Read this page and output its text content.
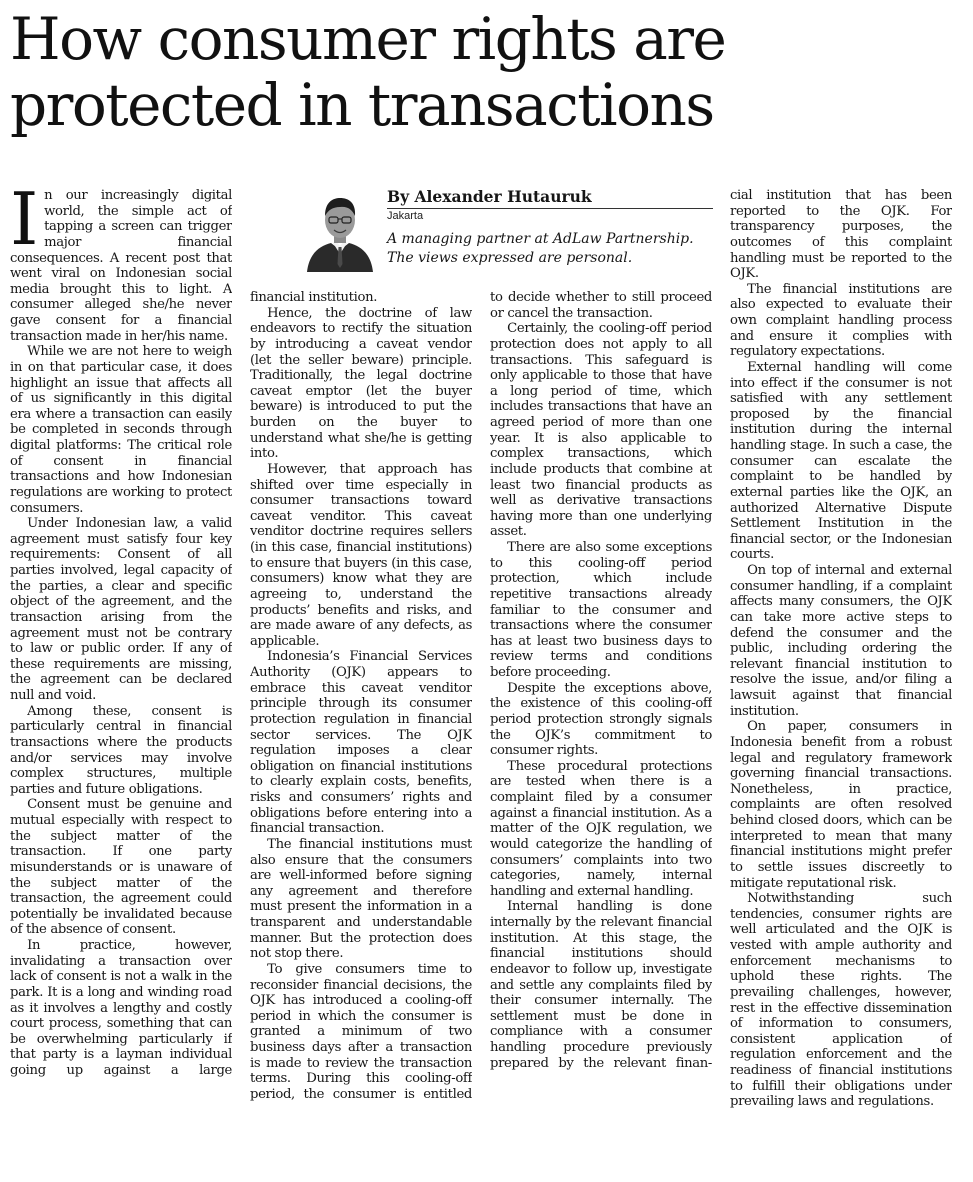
How consumer rights are protected in transactions

By Alexander Hutauruk

Jakarta

A managing partner at AdLaw Partnership. The views expressed are personal.

In our increasingly digital world, the simple act of tapping a screen can trigger major financial consequences. A recent post that went viral on Indonesian social media brought this to light. A consumer alleged she/he never gave consent for a financial transaction made in her/his name.

While we are not here to weigh in on that particular case, it does highlight an issue that affects all of us significantly in this digital era where a transaction can easily be completed in seconds through digital platforms: The critical role of consent in financial transactions and how Indonesian regulations are working to protect consumers.

Under Indonesian law, a valid agreement must satisfy four key requirements: Consent of all parties involved, legal capacity of the parties, a clear and specific object of the agreement, and the transaction arising from the agreement must not be contrary to law or public order. If any of these requirements are missing, the agreement can be declared null and void.

Among these, consent is particularly central in financial transactions where the products and/or services may involve complex structures, multiple parties and future obligations.

Consent must be genuine and mutual especially with respect to the subject matter of the transaction. If one party misunderstands or is unaware of the subject matter of the transaction, the agreement could potentially be invalidated because of the absence of consent.

In practice, however, invalidating a transaction over lack of consent is not a walk in the park. It is a long and winding road as it involves a lengthy and costly court process, something that can be overwhelming particularly if that party is a layman individual going up against a large

financial institution.

Hence, the doctrine of law endeavors to rectify the situation by introducing a caveat vendor (let the seller beware) principle. Traditionally, the legal doctrine caveat emptor (let the buyer beware) is introduced to put the burden on the buyer to understand what she/he is getting into.

However, that approach has shifted over time especially in consumer transactions toward caveat venditor. This caveat venditor doctrine requires sellers (in this case, financial institutions) to ensure that buyers (in this case, consumers) know what they are agreeing to, understand the products’ benefits and risks, and are made aware of any defects, as applicable.

Indonesia’s Financial Services Authority (OJK) appears to embrace this caveat venditor principle through its consumer protection regulation in financial sector services. The OJK regulation imposes a clear obligation on financial institutions to clearly explain costs, benefits, risks and consumers’ rights and obligations before entering into a financial transaction.

The financial institutions must also ensure that the consumers are well-informed before signing any agreement and therefore must present the information in a transparent and understandable manner. But the protection does not stop there.

To give consumers time to reconsider financial decisions, the OJK has introduced a cooling-off period in which the consumer is granted a minimum of two business days after a transaction is made to review the transaction terms. During this cooling-off period, the consumer is entitled

to decide whether to still proceed or cancel the transaction.

Certainly, the cooling-off period protection does not apply to all transactions. This safeguard is only applicable to those that have a long period of time, which includes transactions that have an agreed period of more than one year. It is also applicable to complex transactions, which include products that combine at least two financial products as well as derivative transactions having more than one underlying asset.

There are also some exceptions to this cooling-off period protection, which include repetitive transactions already familiar to the consumer and transactions where the consumer has at least two business days to review terms and conditions before proceeding.

Despite the exceptions above, the existence of this cooling-off period protection strongly signals the OJK’s commitment to consumer rights.

These procedural protections are tested when there is a complaint filed by a consumer against a financial institution. As a matter of the OJK regulation, we would categorize the handling of consumers’ complaints into two categories, namely, internal handling and external handling.

Internal handling is done internally by the relevant financial institution. At this stage, the financial institutions should endeavor to follow up, investigate and settle any complaints filed by their consumer internally. The settlement must be done in compliance with a consumer handling procedure previously prepared by the relevant finan-

cial institution that has been reported to the OJK. For transparency purposes, the outcomes of this complaint handling must be reported to the OJK.

The financial institutions are also expected to evaluate their own complaint handling process and ensure it complies with regulatory expectations.

External handling will come into effect if the consumer is not satisfied with any settlement proposed by the financial institution during the internal handling stage. In such a case, the consumer can escalate the complaint to be handled by external parties like the OJK, an authorized Alternative Dispute Settlement Institution in the financial sector, or the Indonesian courts.

On top of internal and external consumer handling, if a complaint affects many consumers, the OJK can take more active steps to defend the consumer and the public, including ordering the relevant financial institution to resolve the issue, and/or filing a lawsuit against that financial institution.

On paper, consumers in Indonesia benefit from a robust legal and regulatory framework governing financial transactions. Nonetheless, in practice, complaints are often resolved behind closed doors, which can be interpreted to mean that many financial institutions might prefer to settle issues discreetly to mitigate reputational risk.

Notwithstanding such tendencies, consumer rights are well articulated and the OJK is vested with ample authority and enforcement mechanisms to uphold these rights. The prevailing challenges, however, rest in the effective dissemination of information to consumers, consistent application of regulation enforcement and the readiness of financial institutions to fulfill their obligations under prevailing laws and regulations.
